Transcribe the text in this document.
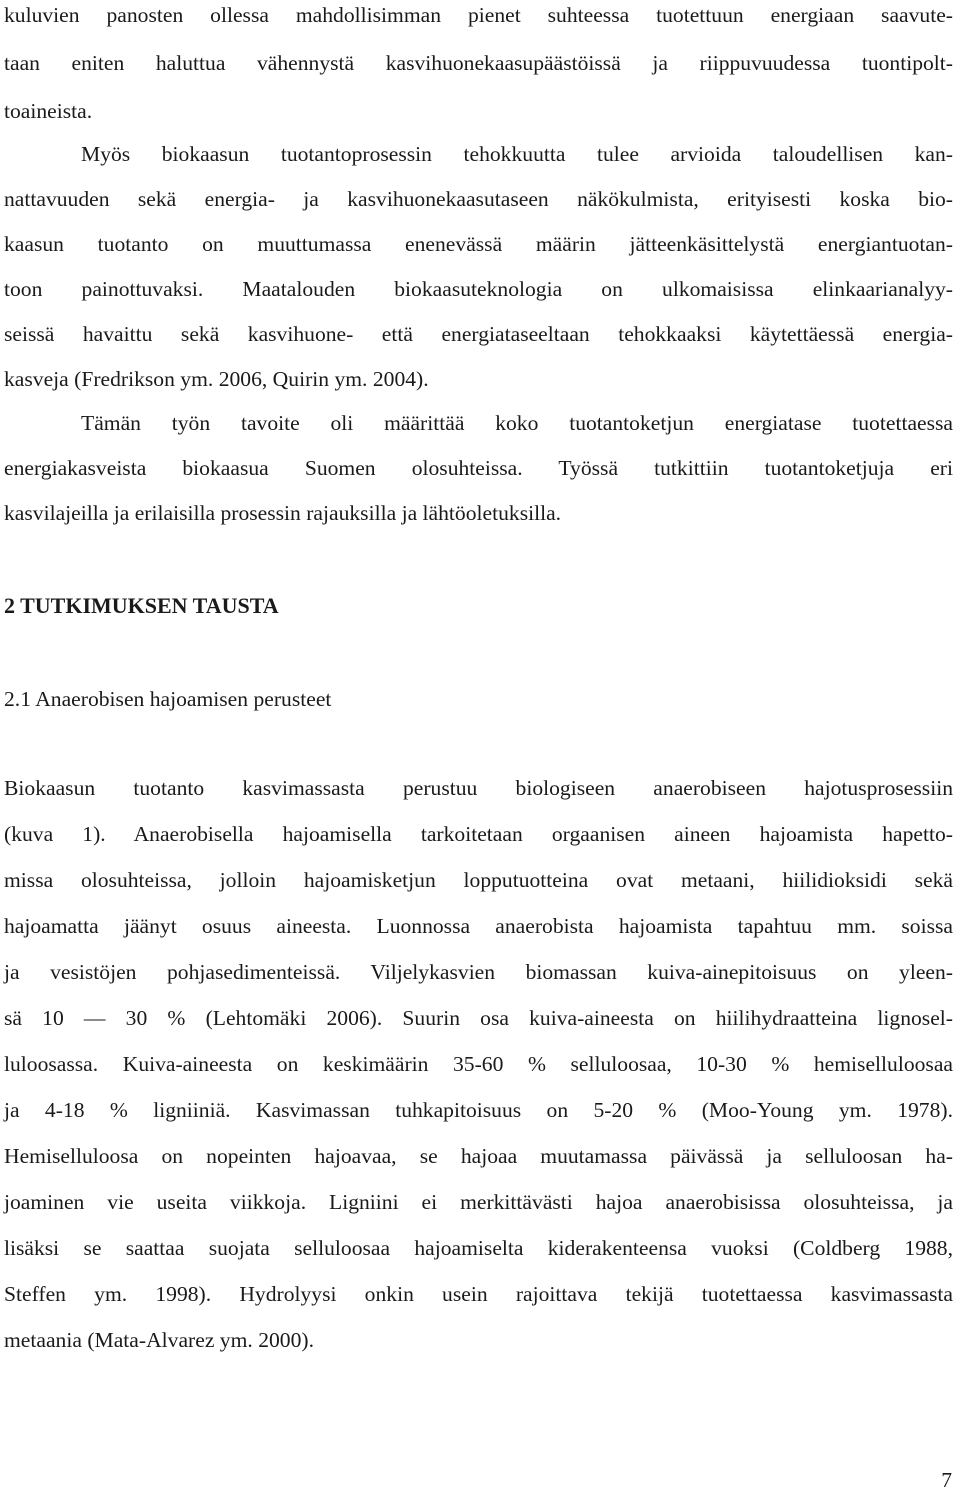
kuluvien panosten ollessa mahdollisimman pienet suhteessa tuotettuun energiaan saavute-
taan eniten haluttua vähennystä kasvihuonekaasupäästöissä ja riippuvuudessa tuontipolt-
toaineista.
Myös biokaasun tuotantoprosessin tehokkuutta tulee arvioida taloudellisen kan-
nattavuuden sekä energia- ja kasvihuonekaasutaseen näkökulmista, erityisesti koska bio-
kaasun tuotanto on muuttumassa enenevässä määrin jätteenkäsittelystä energiantuotan-
toon painottuvaksi. Maatalouden biokaasuteknologia on ulkomaisissa elinkaarianalyy-
seissä havaittu sekä kasvihuone- että energiataseeltaan tehokkaaksi käytettäessä energia-
kasveja (Fredrikson ym. 2006, Quirin ym. 2004).
Tämän työn tavoite oli määrittää koko tuotantoketjun energiatase tuotettaessa
energiakasveista biokaasua Suomen olosuhteissa. Työssä tutkittiin tuotantoketjuja eri
kasvilajeilla ja erilaisilla prosessin rajauksilla ja lähtöoletuksilla.
2 TUTKIMUKSEN TAUSTA
2.1 Anaerobisen hajoamisen perusteet
Biokaasun tuotanto kasvimassasta perustuu biologiseen anaerobiseen hajotusprosessiin
(kuva 1). Anaerobisella hajoamisella tarkoitetaan orgaanisen aineen hajoamista hapetto-
missa olosuhteissa, jolloin hajoamisketjun lopputuotteina ovat metaani, hiilidioksidi sekä
hajoamatta jäänyt osuus aineesta. Luonnossa anaerobista hajoamista tapahtuu mm. soissa
ja vesistöjen pohjasedimenteissä. Viljelykasvien biomassan kuiva-ainepitoisuus on yleen-
sä 10 — 30 % (Lehtomäki 2006). Suurin osa kuiva-aineesta on hiilihydraatteina lignosel-
luloosassa. Kuiva-aineesta on keskimäärin 35-60 % selluloosaa, 10-30 % hemiselluloosaa
ja 4-18 % ligniiniä. Kasvimassan tuhkapitoisuus on 5-20 % (Moo-Young ym. 1978).
Hemiselluloosa on nopeinten hajoavaa, se hajoaa muutamassa päivässä ja selluloosan ha-
joaminen vie useita viikkoja. Ligniini ei merkittävästi hajoa anaerobisissa olosuhteissa, ja
lisäksi se saattaa suojata selluloosaa hajoamiselta kiderakenteensa vuoksi (Coldberg 1988,
Steffen ym. 1998). Hydrolyysi onkin usein rajoittava tekijä tuotettaessa kasvimassasta
metaania (Mata-Alvarez ym. 2000).
7
